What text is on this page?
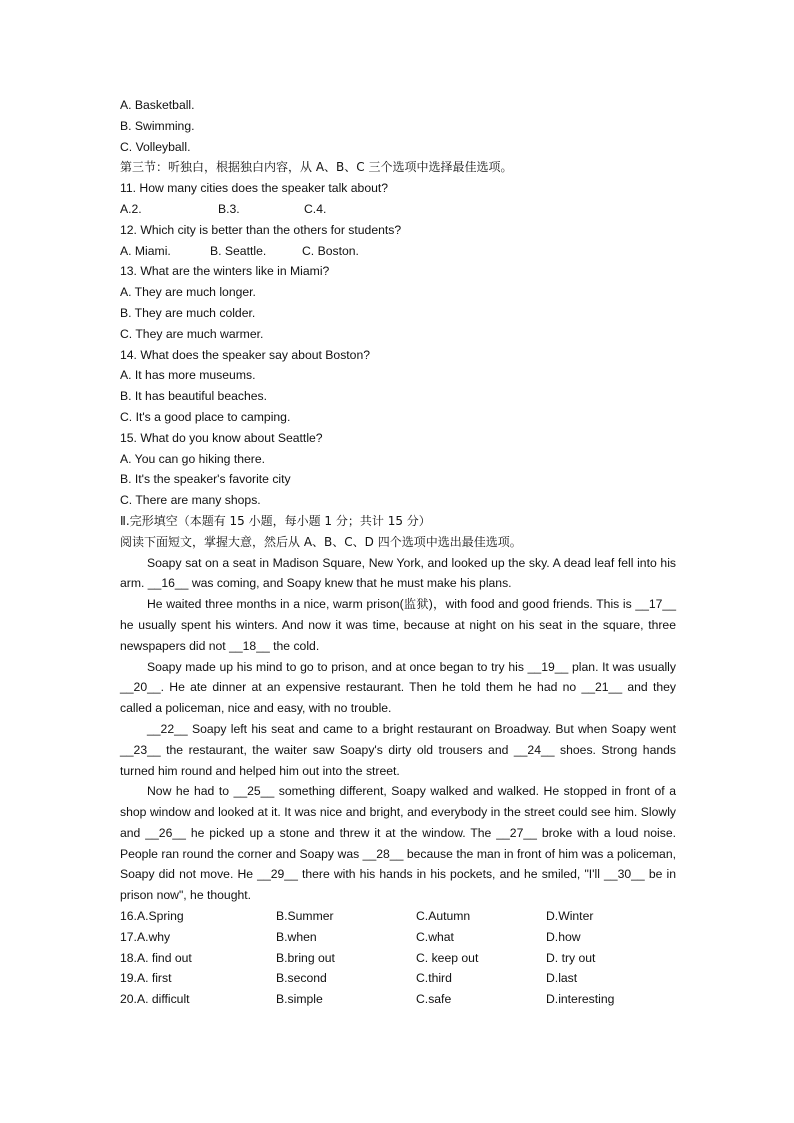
A. Basketball.
B. Swimming.
C. Volleyball.
第三节：听独白，根据独白内容，从 A、B、C 三个选项中选择最佳选项。
11. How many cities does the speaker talk about?
A.2.	B.3.	C.4.
12. Which city is better than the others for students?
A. Miami.	B. Seattle.	C. Boston.
13. What are the winters like in Miami?
A. They are much longer.
B. They are much colder.
C. They are much warmer.
14. What does the speaker say about Boston?
A. It has more museums.
B. It has beautiful beaches.
C. It's a good place to camping.
15. What do you know about Seattle?
A. You can go hiking there.
B. It's the speaker's favorite city
C. There are many shops.
Ⅱ.完形填空（本题有 15 小题，每小题 1 分；共计 15 分）
阅读下面短文，掌握大意，然后从 A、B、C、D 四个选项中选出最佳选项。
Soapy sat on a seat in Madison Square, New York, and looked up the sky. A dead leaf fell into his arm. __16__ was coming, and Soapy knew that he must make his plans.
He waited three months in a nice, warm prison(监狱)，with food and good friends. This is __17__ he usually spent his winters. And now it was time, because at night on his seat in the square, three newspapers did not __18__ the cold.
Soapy made up his mind to go to prison, and at once began to try his __19__ plan. It was usually __20__. He ate dinner at an expensive restaurant. Then he told them he had no __21__ and they called a policeman, nice and easy, with no trouble.
__22__ Soapy left his seat and came to a bright restaurant on Broadway. But when Soapy went __23__ the restaurant, the waiter saw Soapy's dirty old trousers and __24__ shoes. Strong hands turned him round and helped him out into the street.
Now he had to __25__ something different, Soapy walked and walked. He stopped in front of a shop window and looked at it. It was nice and bright, and everybody in the street could see him. Slowly and __26__ he picked up a stone and threw it at the window. The __27__ broke with a loud noise. People ran round the corner and Soapy was __28__ because the man in front of him was a policeman, Soapy did not move. He __29__ there with his hands in his pockets, and he smiled, "I'll __30__ be in prison now", he thought.
16.A.Spring	B.Summer	C.Autumn	D.Winter
17.A.why	B.when	C.what	D.how
18.A. find out	B.bring out	C. keep out	D. try out
19.A. first	B.second	C.third	D.last
20.A. difficult	B.simple	C.safe	D.interesting
